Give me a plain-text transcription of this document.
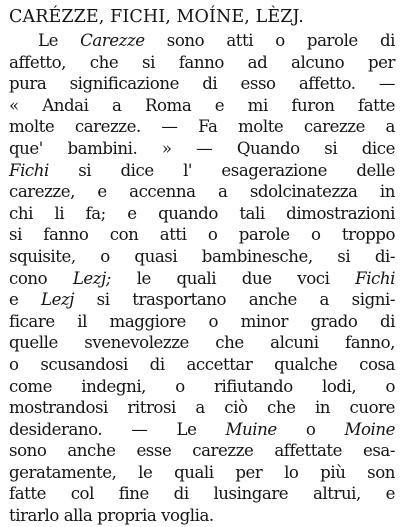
CARÉZZE, FICHI, MOÍNE, LÈZJ.
Le Carezze sono atti o parole di
affetto, che si fanno ad alcuno per
pura significazione di esso affetto. —
« Andai a Roma e mi furon fatte
molte carezze. — Fa molte carezze a
que' bambini. » — Quando si dice
Fichi si dice l' esagerazione delle
carezze, e accenna a sdolcinatezza in
chi li fa; e quando tali dimostrazioni
si fanno con atti o parole o troppo
squisite, o quasi bambinesche, si di-
cono Lezj; le quali due voci Fichi
e Lezj si trasportano anche a signi-
ficare il maggiore o minor grado di
quelle svenevolezze che alcuni fanno,
o scusandosi di accettar qualche cosa
come indegni, o rifiutando lodi, o
mostrandosi ritrosi a ciò che in cuore
desiderano. — Le Muine o Moine
sono anche esse carezze affettate esa-
geratamente, le quali per lo più son
fatte col fine di lusingare altrui, e
tirarlo alla propria voglia.
